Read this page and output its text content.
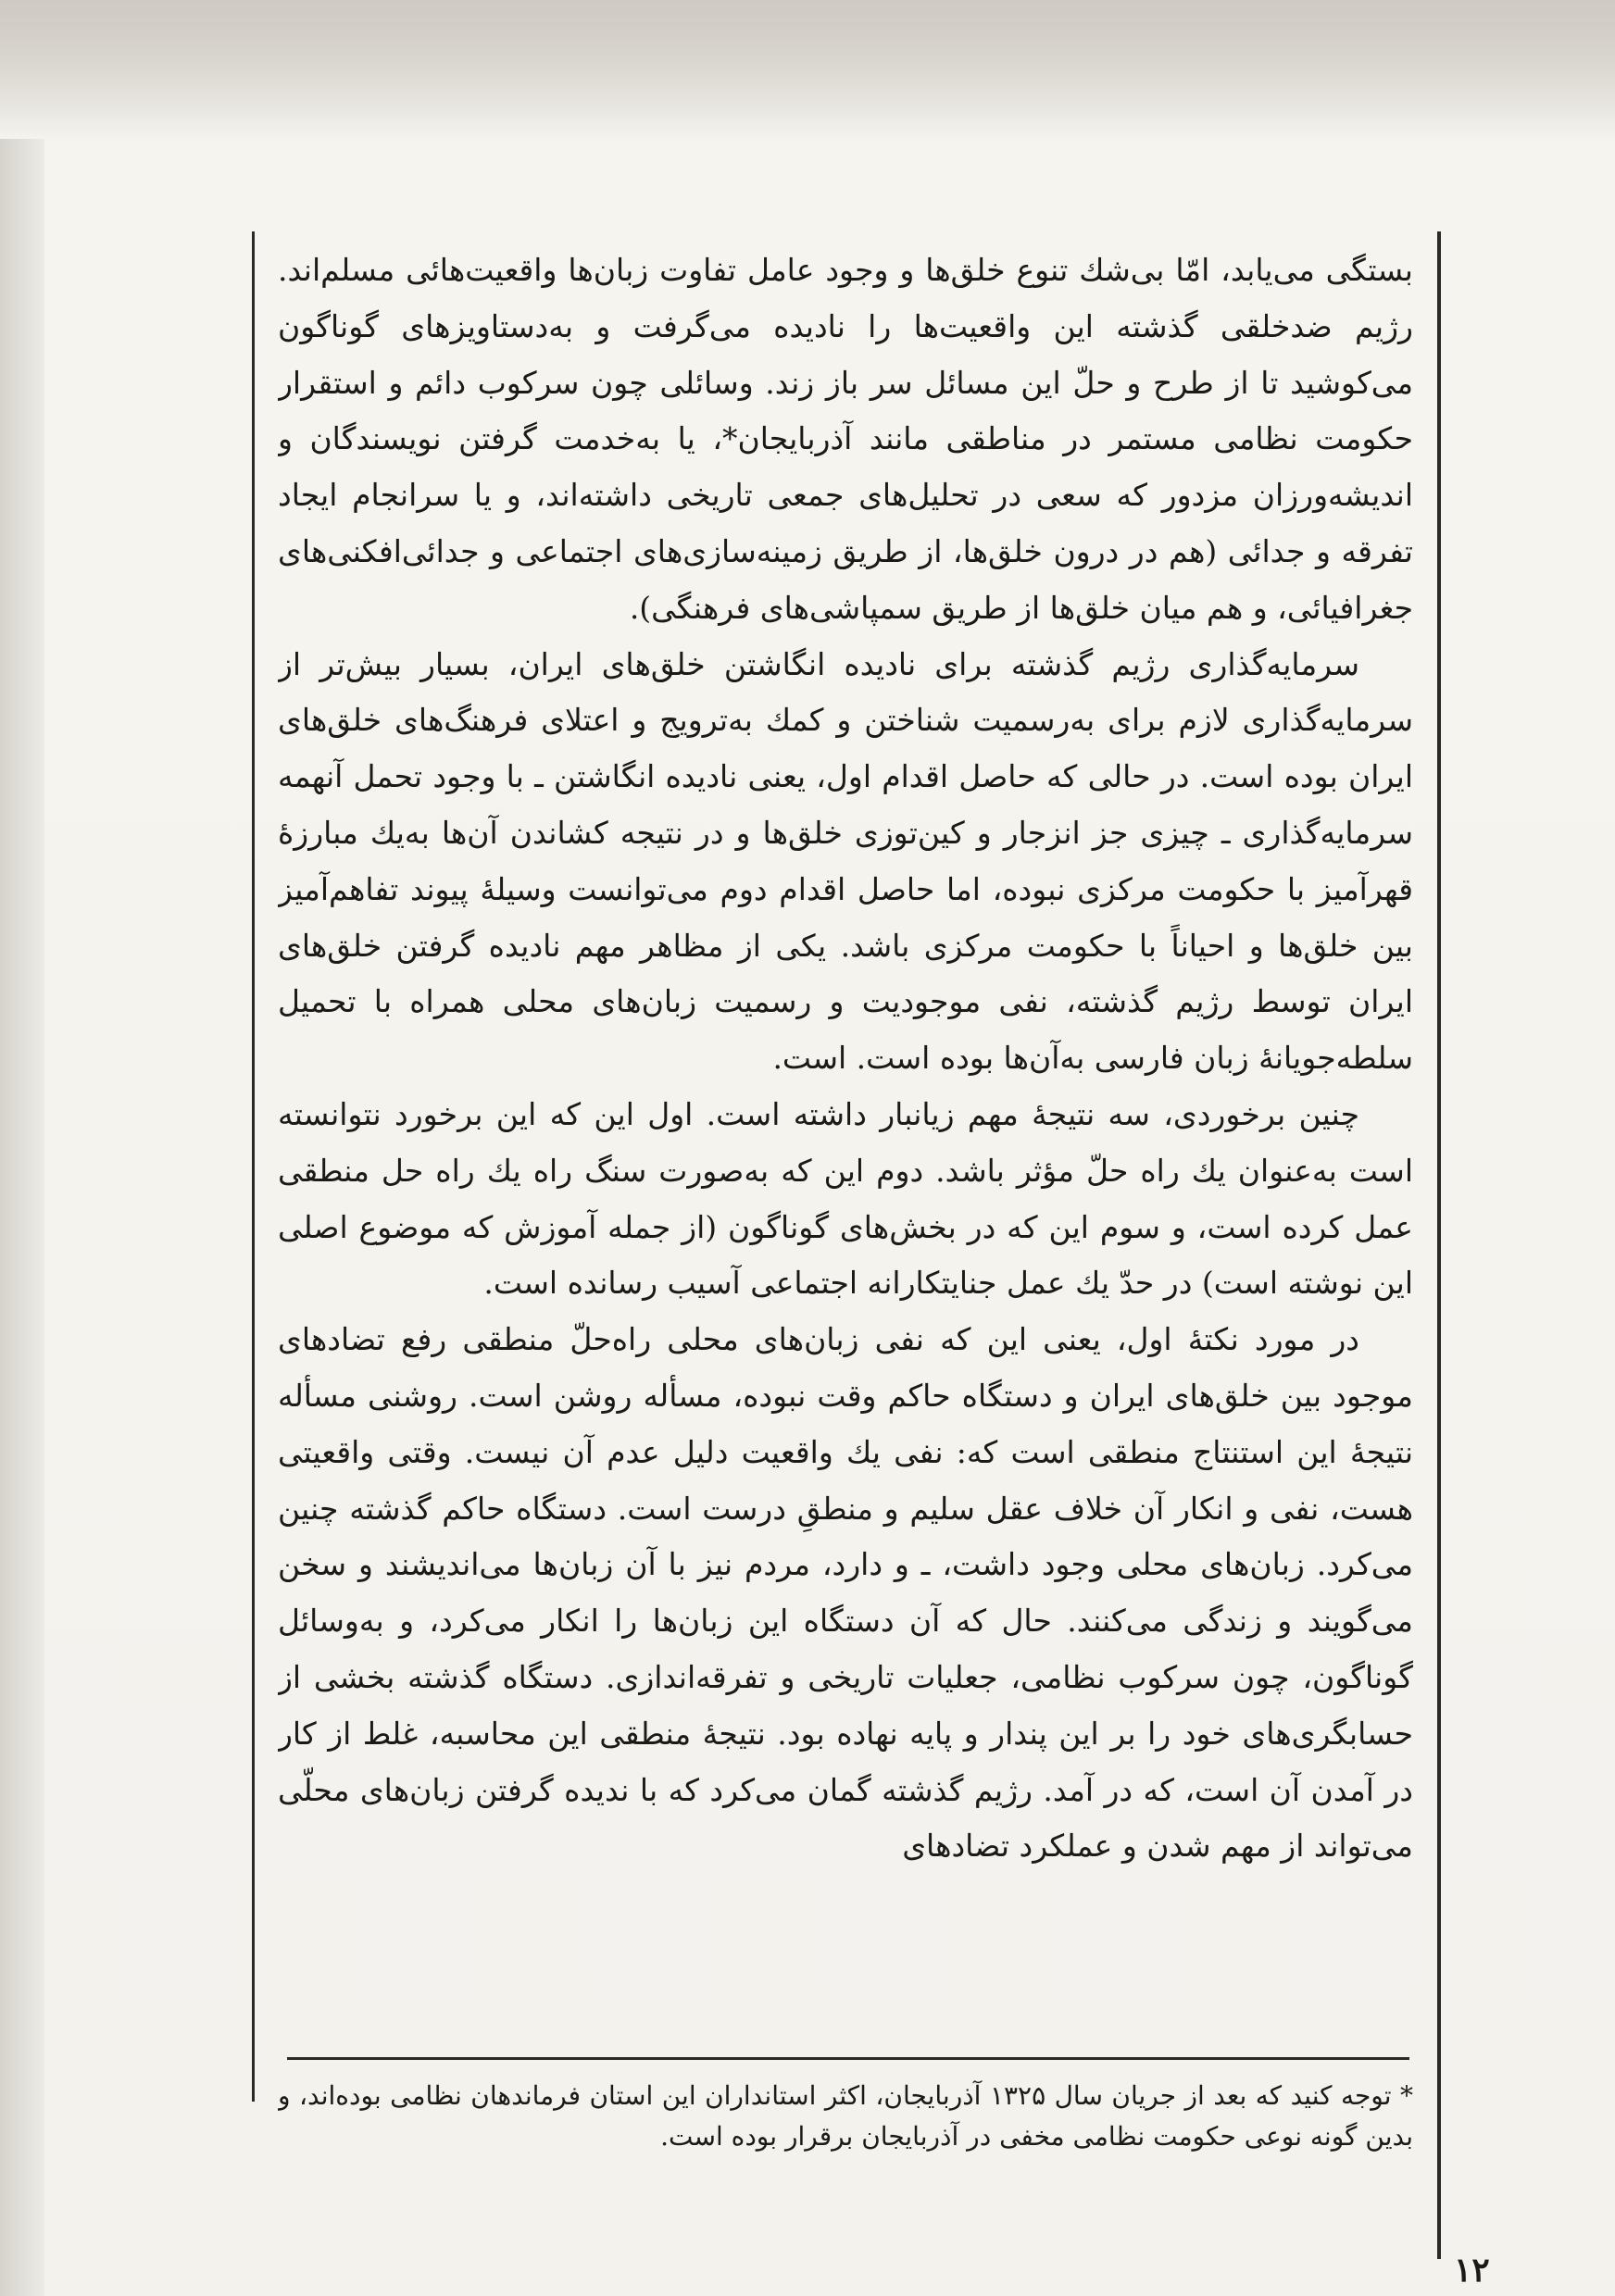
بستگی می‌یابد، امّا بی‌شك تنوع خلق‌ها و وجود عامل تفاوت زبان‌ها واقعیت‌هائی مسلم‌اند. رژیم ضدخلقی گذشته این واقعیت‌ها را نادیده می‌گرفت و به‌دستاویزهای گوناگون می‌کوشید تا از طرح و حلّ این مسائل سر باز زند. وسائلی چون سرکوب دائم و استقرار حکومت نظامی مستمر در مناطقی مانند آذربایجان*، یا به‌خدمت گرفتن نویسندگان و اندیشه‌ورزان مزدور که سعی در تحلیل‌های جمعی تاریخی داشته‌اند، و یا سرانجام ایجاد تفرقه و جدائی (هم در درون خلق‌ها، از طریق زمینه‌سازی‌های اجتماعی و جدائی‌افکنی‌های جغرافیائی، و هم میان خلق‌ها از طریق سمپاشی‌های فرهنگی).

سرمایه‌گذاری رژیم گذشته برای نادیده انگاشتن خلق‌های ایران، بسیار بیش‌تر از سرمایه‌گذاری لازم برای به‌رسمیت شناختن و کمك به‌ترویج و اعتلای فرهنگ‌های خلق‌های ایران بوده است. در حالی که حاصل اقدام اول، یعنی نادیده انگاشتن ـ با وجود تحمل آنهمه سرمایه‌گذاری ـ چیزی جز انزجار و کین‌توزی خلق‌ها و در نتیجه کشاندن آن‌ها به‌یك مبارزهٔ قهرآمیز با حکومت مرکزی نبوده، اما حاصل اقدام دوم می‌توانست وسیلهٔ پیوند تفاهم‌آمیز بین خلق‌ها و احیاناً با حکومت مرکزی باشد. یکی از مظاهر مهم نادیده گرفتن خلق‌های ایران توسط رژیم گذشته، نفی موجودیت و رسمیت زبان‌های محلی همراه با تحمیل سلطه‌جویانهٔ زبان فارسی به‌آن‌ها بوده است. است.

چنین برخوردی، سه نتیجهٔ مهم زیانبار داشته است. اول این که این برخورد نتوانسته است به‌عنوان یك راه حلّ مؤثر باشد. دوم این که به‌صورت سنگ راه یك راه حل منطقی عمل کرده است، و سوم این که در بخش‌های گوناگون (از جمله آموزش که موضوع اصلی این نوشته است) در حدّ یك عمل جنایتکارانه اجتماعی آسیب رسانده است.

در مورد نکتهٔ اول، یعنی این که نفی زبان‌های محلی راه‌حلّ منطقی رفع تضادهای موجود بین خلق‌های ایران و دستگاه حاکم وقت نبوده، مسأله روشن است. روشنی مسأله نتیجهٔ این استنتاج منطقی است که: نفی یك واقعیت دلیل عدم آن نیست. وقتی واقعیتی هست، نفی و انکار آن خلاف عقل سلیم و منطقِ درست است. دستگاه حاکم گذشته چنین می‌کرد. زبان‌های محلی وجود داشت، ـ و دارد، مردم نیز با آن زبان‌ها می‌اندیشند و سخن می‌گویند و زندگی می‌کنند. حال که آن دستگاه این زبان‌ها را انکار می‌کرد، و به‌وسائل گوناگون، چون سرکوب نظامی، جعلیات تاریخی و تفرقه‌اندازی. دستگاه گذشته بخشی از حسابگری‌های خود را بر این پندار و پایه نهاده بود. نتیجهٔ منطقی این محاسبه، غلط از کار در آمدن آن است، که در آمد. رژیم گذشته گمان می‌کرد که با ندیده گرفتن زبان‌های محلّی می‌تواند از مهم شدن و عملکرد تضادهای

* توجه کنید که بعد از جریان سال ۱۳۲۵ آذربایجان، اکثر استانداران این استان فرماندهان نظامی بوده‌اند، و بدین گونه نوعی حکومت نظامی مخفی در آذربایجان برقرار بوده است.

۱۲
